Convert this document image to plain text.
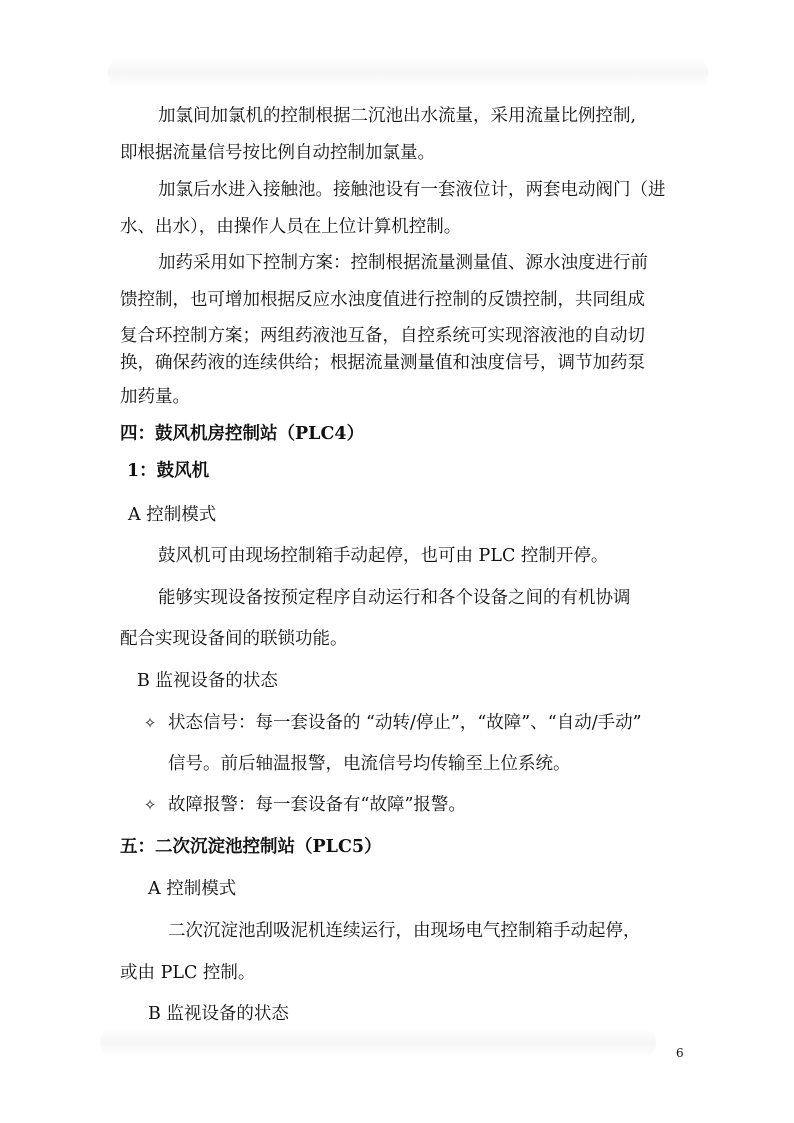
加氯间加氯机的控制根据二沉池出水流量，采用流量比例控制,
即根据流量信号按比例自动控制加氯量。
加氯后水进入接触池。接触池设有一套液位计，两套电动阀门（进
水、出水），由操作人员在上位计算机控制。
加药采用如下控制方案：控制根据流量测量值、源水浊度进行前
馈控制，也可增加根据反应水浊度值进行控制的反馈控制，共同组成
复合环控制方案；两组药液池互备，自控系统可实现溶液池的自动切
换，确保药液的连续供给；根据流量测量值和浊度信号，调节加药泵
加药量。
四：鼓风机房控制站（PLC4）
1：鼓风机
A 控制模式
鼓风机可由现场控制箱手动起停，也可由 PLC 控制开停。
能够实现设备按预定程序自动运行和各个设备之间的有机协调
配合实现设备间的联锁功能。
B 监视设备的状态
✧ 状态信号：每一套设备的 “动转/停止”，“故障”、“自动/手动”
信号。前后轴温报警，电流信号均传输至上位系统。
✧ 故障报警：每一套设备有“故障”报警。
五：二次沉淀池控制站（PLC5）
A 控制模式
二次沉淀池刮吸泥机连续运行，由现场电气控制箱手动起停，
或由 PLC 控制。
B 监视设备的状态
6
